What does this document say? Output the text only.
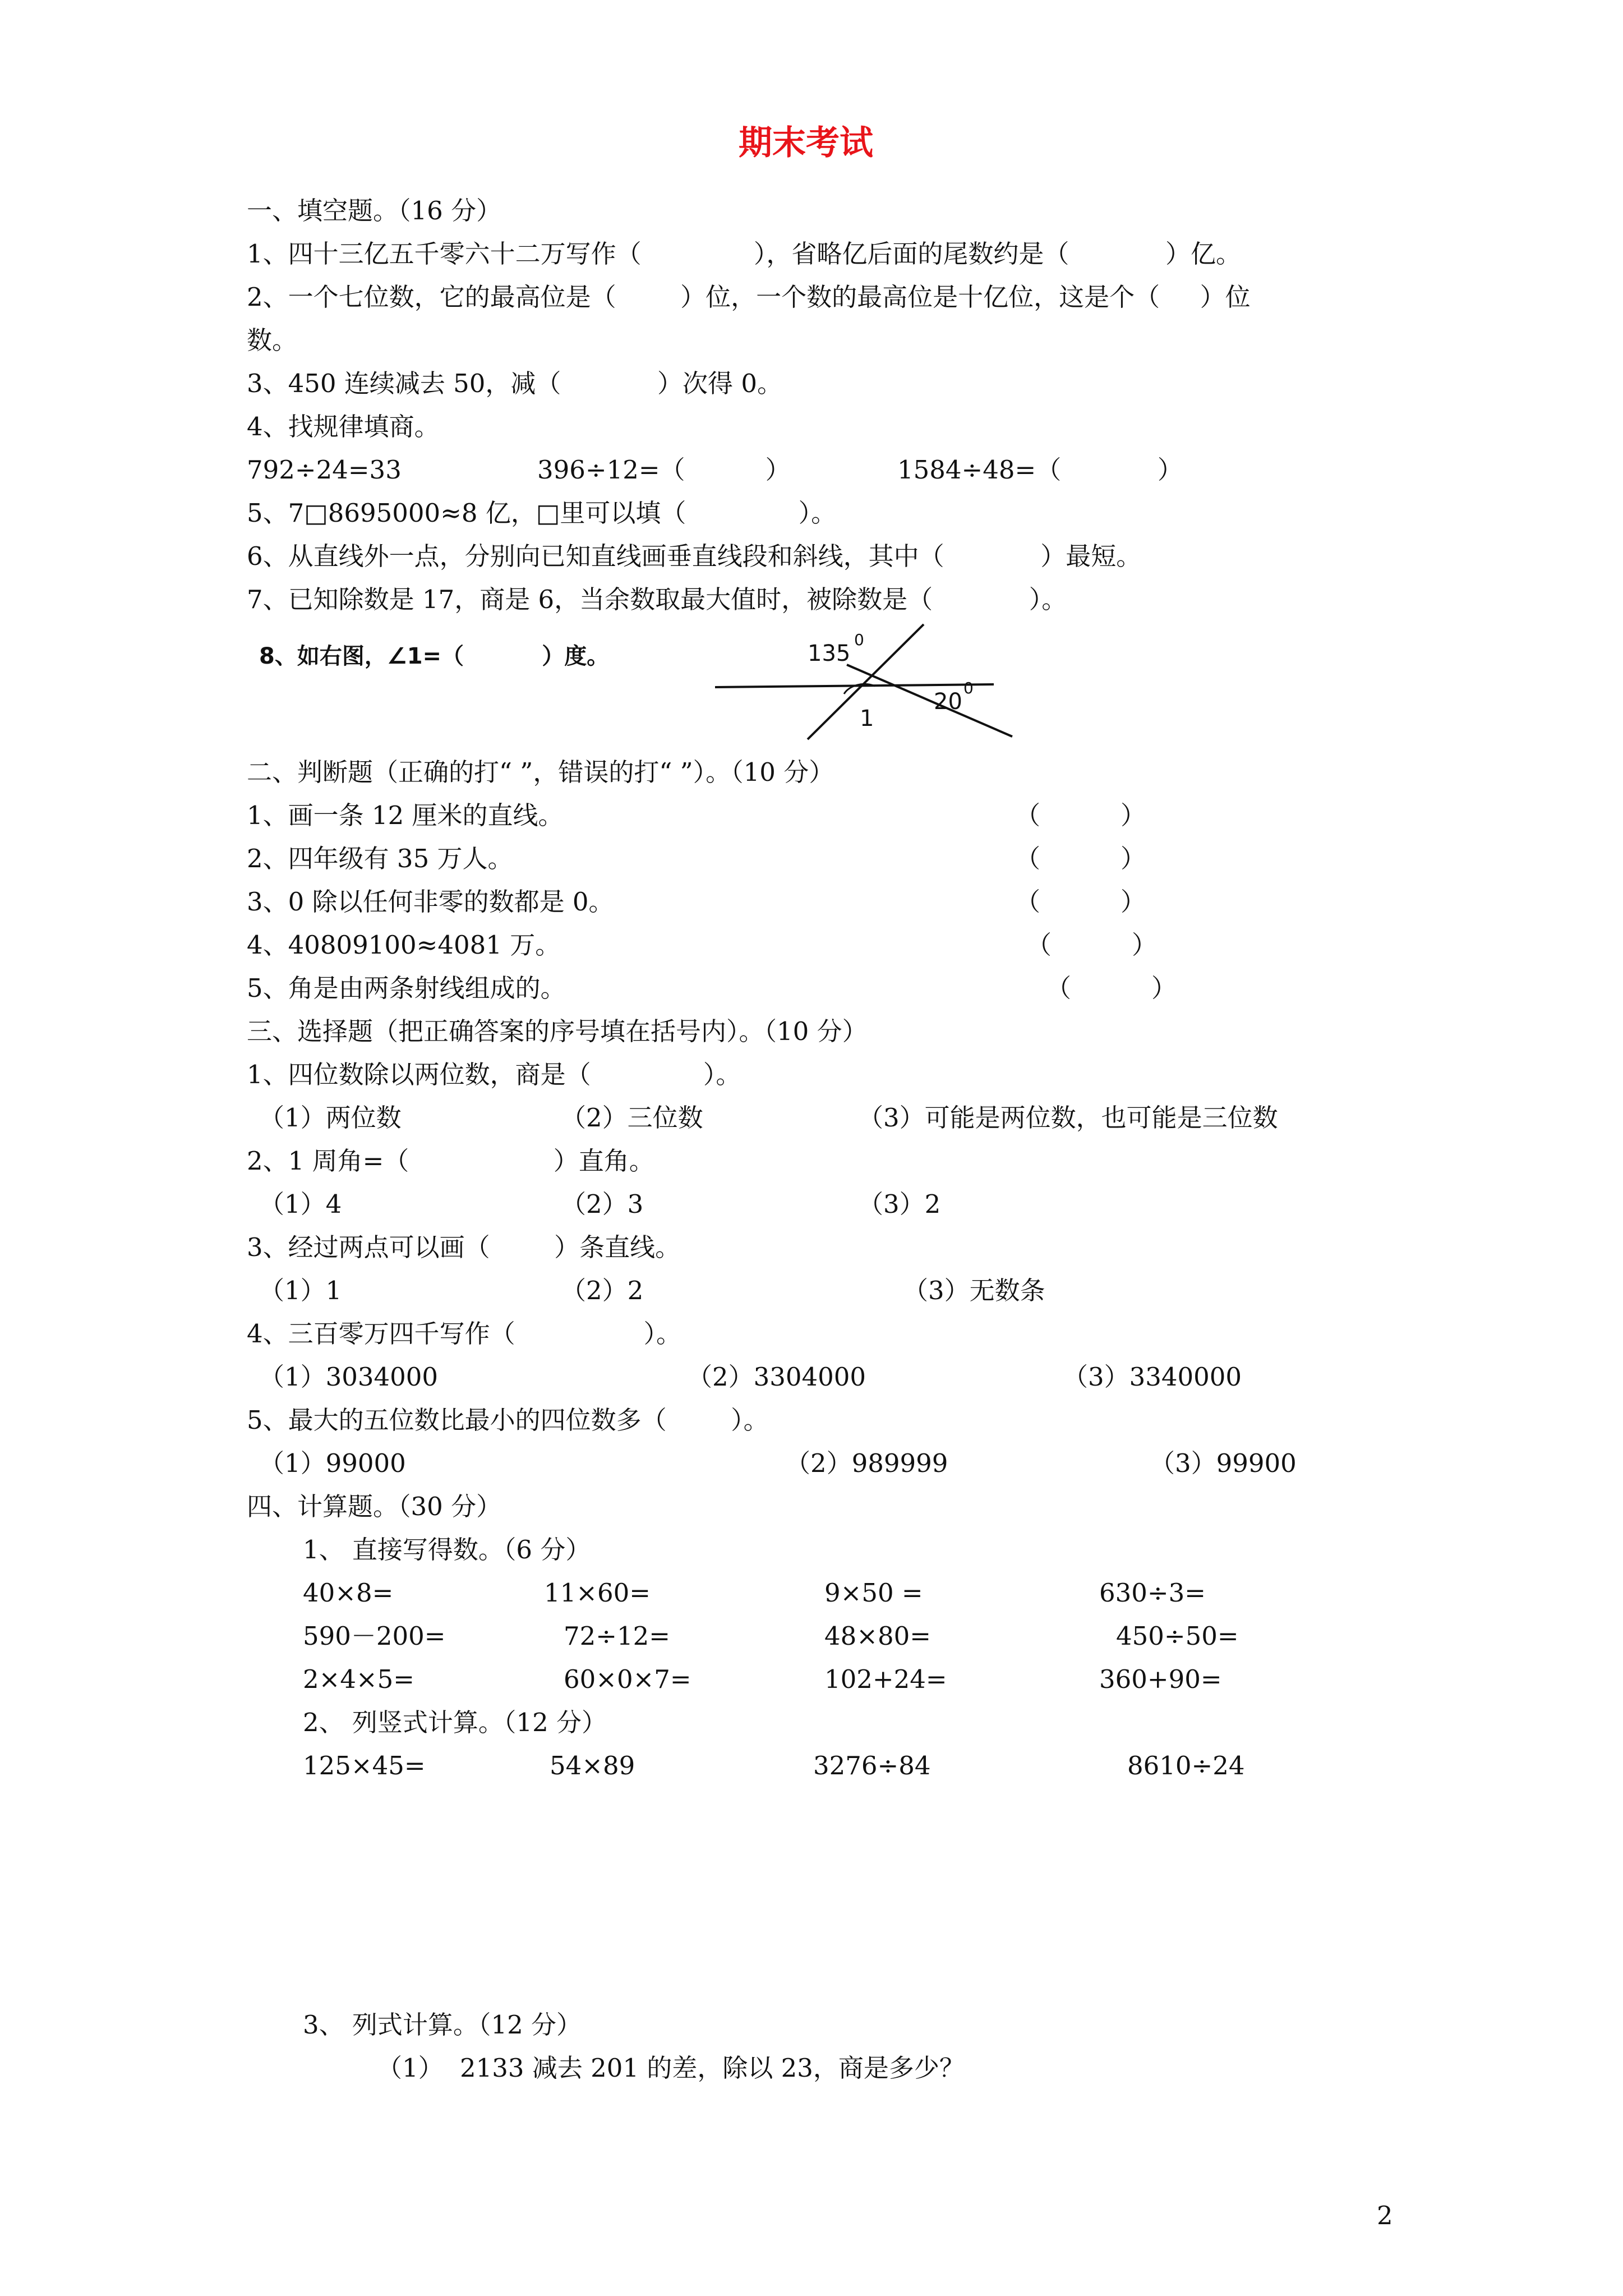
期末考试
一、填空题。（16 分）
1、四十三亿五千零六十二万写作（              ），省略亿后面的尾数约是（            ）亿。
2、一个七位数，它的最高位是（        ）位，一个数的最高位是十亿位，这是个（     ）位
数。
3、450 连续减去 50，减（            ）次得 0。
4、找规律填商。
792÷24=33	396÷12=（          ）	1584÷48=（            ）
5、7□8695000≈8 亿，□里可以填（              ）。
6、从直线外一点，分别向已知直线画垂直线段和斜线，其中（            ）最短。
7、已知除数是 17，商是 6，当余数取最大值时，被除数是（            ）。
8、如右图，∠1=（          ）度。	135
0
20
0
1
二、判断题（正确的打“ ”，错误的打“ ”）。（10 分）
1、画一条 12 厘米的直线。	（          ）
2、四年级有 35 万人。	（          ）
3、0 除以任何非零的数都是 0。	（          ）
4、40809100≈4081 万。	（          ）
5、角是由两条射线组成的。	（          ）
三、选择题（把正确答案的序号填在括号内）。（10 分）
1、四位数除以两位数，商是（              ）。
（1）两位数	（2）三位数	（3）可能是两位数，也可能是三位数
2、1 周角=（                  ）直角。
（1）4	（2）3	（3）2
3、经过两点可以画（        ）条直线。
（1）1	（2）2	（3）无数条
4、三百零万四千写作（                ）。
（1）3034000	（2）3304000	（3）3340000
5、最大的五位数比最小的四位数多（        ）。
（1）99000	（2）989999	（3）99900
四、计算题。（30 分）
1、 直接写得数。（6 分）
40×8=	11×60=	9×50 =	630÷3=
590－200=	72÷12=	48×80=	450÷50=
2×4×5=	60×0×7=	102+24=	360+90=
2、 列竖式计算。（12 分）
125×45=	54×89	3276÷84	8610÷24
3、 列式计算。（12 分）
（1） 2133 减去 201 的差，除以 23，商是多少？
2
